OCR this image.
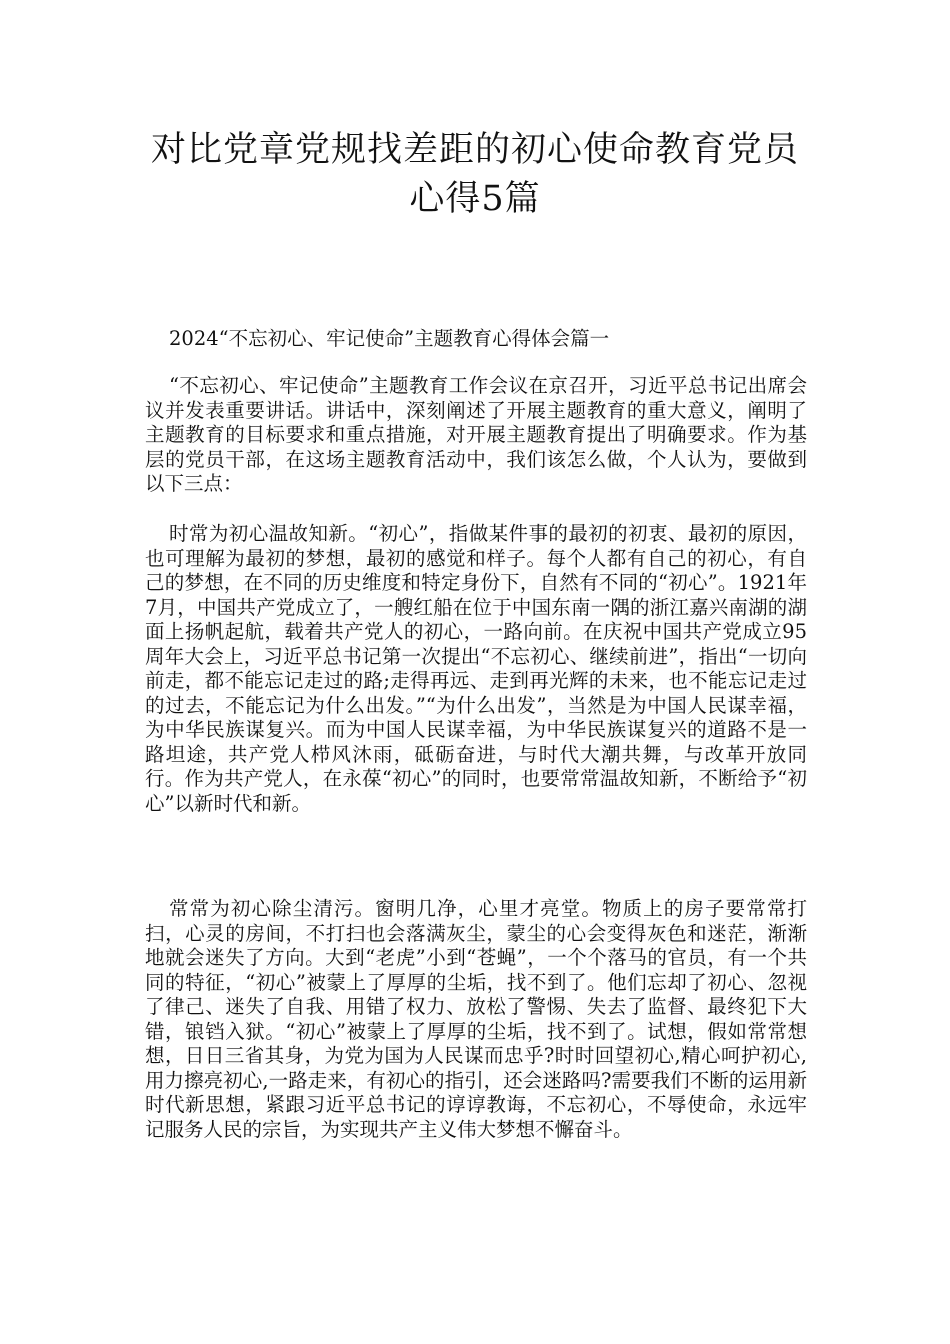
对比党章党规找差距的初心使命教育党员
心得5篇

2024“不忘初心、牢记使命”主题教育心得体会篇一

“不忘初心、牢记使命”主题教育工作会议在京召开，习近平总书记出席会议并发表重要讲话。讲话中，深刻阐述了开展主题教育的重大意义，阐明了主题教育的目标要求和重点措施，对开展主题教育提出了明确要求。作为基层的党员干部，在这场主题教育活动中，我们该怎么做，个人认为，要做到以下三点：

时常为初心温故知新。“初心”，指做某件事的最初的初衷、最初的原因，也可理解为最初的梦想，最初的感觉和样子。每个人都有自己的初心，有自己的梦想，在不同的历史维度和特定身份下，自然有不同的“初心”。1921年7月，中国共产党成立了，一艘红船在位于中国东南一隅的浙江嘉兴南湖的湖面上扬帆起航，载着共产党人的初心，一路向前。在庆祝中国共产党成立95周年大会上，习近平总书记第一次提出“不忘初心、继续前进”，指出“一切向前走，都不能忘记走过的路;走得再远、走到再光辉的未来，也不能忘记走过的过去，不能忘记为什么出发。”“为什么出发”，当然是为中国人民谋幸福，为中华民族谋复兴。而为中国人民谋幸福，为中华民族谋复兴的道路不是一路坦途，共产党人栉风沐雨，砥砺奋进，与时代大潮共舞，与改革开放同行。作为共产党人，在永葆“初心”的同时，也要常常温故知新，不断给予“初心”以新时代和新。

常常为初心除尘清污。窗明几净，心里才亮堂。物质上的房子要常常打扫，心灵的房间，不打扫也会落满灰尘，蒙尘的心会变得灰色和迷茫，渐渐地就会迷失了方向。大到“老虎”小到“苍蝇”，一个个落马的官员，有一个共同的特征，“初心”被蒙上了厚厚的尘垢，找不到了。他们忘却了初心、忽视了律己、迷失了自我、用错了权力、放松了警惕、失去了监督、最终犯下大错，锒铛入狱。“初心”被蒙上了厚厚的尘垢，找不到了。试想，假如常常想想，日日三省其身，为党为国为人民谋而忠乎?时时回望初心,精心呵护初心,用力擦亮初心,一路走来，有初心的指引，还会迷路吗?需要我们不断的运用新时代新思想，紧跟习近平总书记的谆谆教诲，不忘初心，不辱使命，永远牢记服务人民的宗旨，为实现共产主义伟大梦想不懈奋斗。
